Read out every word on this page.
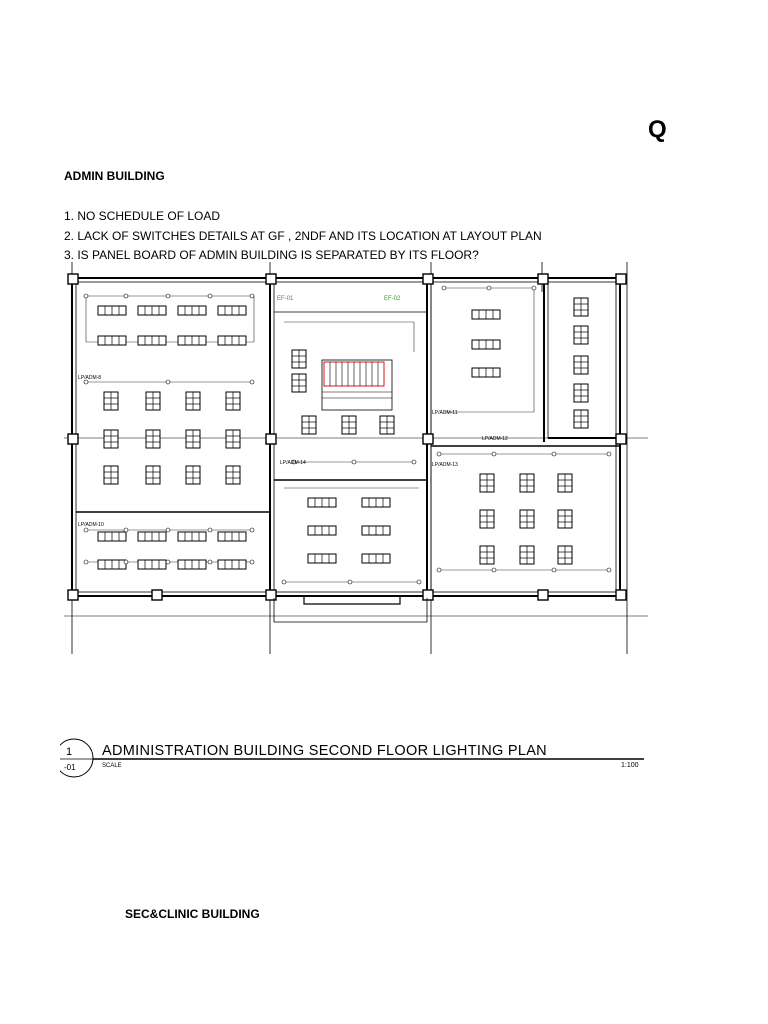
Q
ADMIN BUILDING
1. NO SCHEDULE OF LOAD
2. LACK OF SWITCHES DETAILS AT GF , 2NDF AND ITS LOCATION AT LAYOUT PLAN
3. IS PANEL BOARD OF ADMIN BUILDING IS SEPARATED BY ITS FLOOR?
LP/ADM-8
LP/ADM-11
LP/ADM-12
LP/ADM-13
LP/ADM-14
LP/ADM-10
EF-01	EF-02
1
-01
ADMINISTRATION BUILDING SECOND FLOOR LIGHTING PLAN
SCALE	1:100
SEC&CLINIC BUILDING
